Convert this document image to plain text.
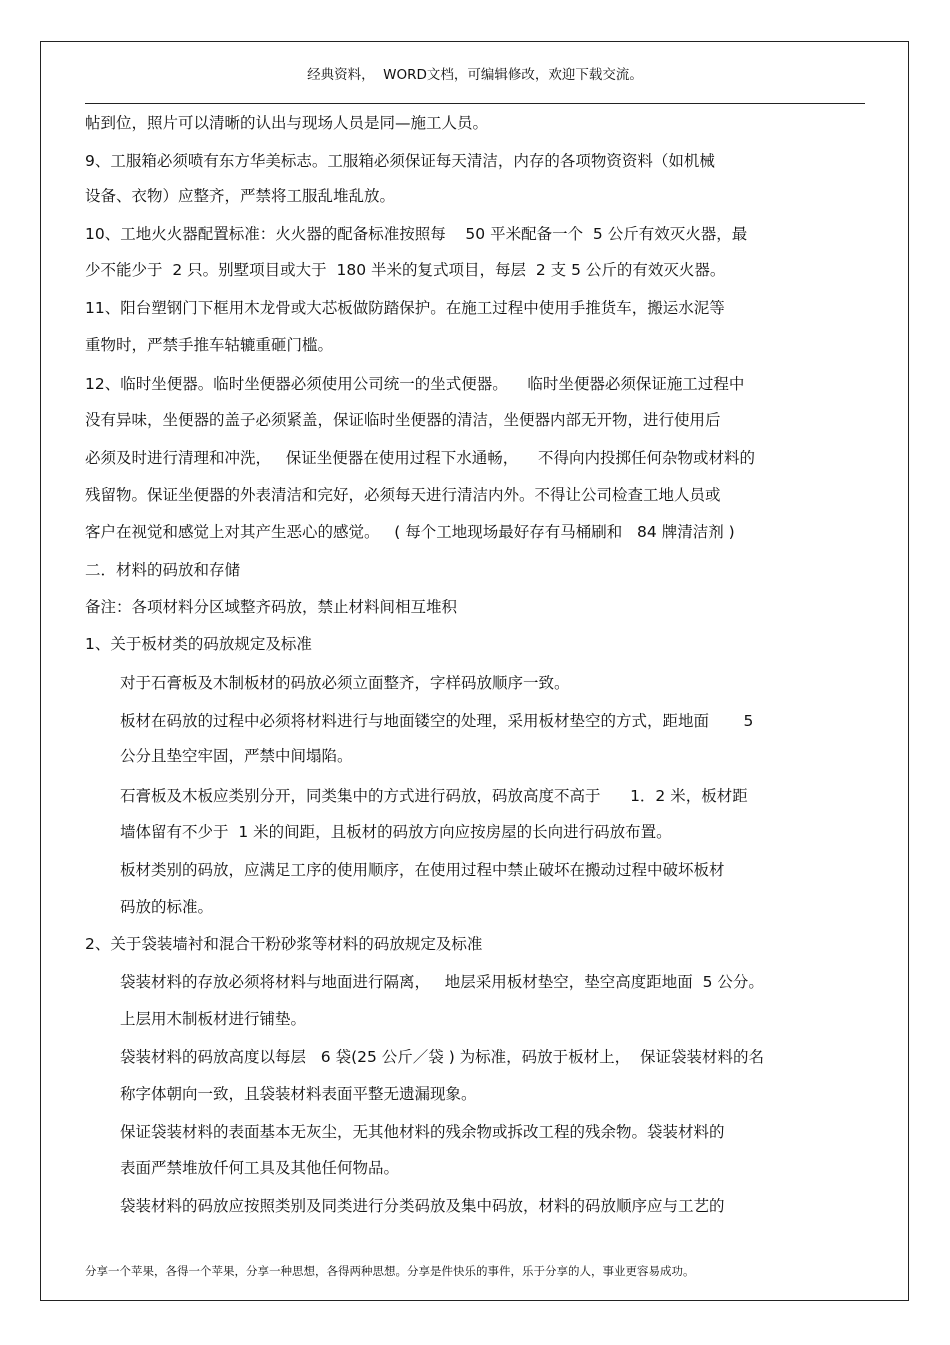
经典资料，  WORD文档，可编辑修改，欢迎下载交流。
帖到位，照片可以清晰的认出与现场人员是同—施工人员。
9、工服箱必须喷有东方华美标志。工服箱必须保证每天清洁，内存的各项物资资料（如机械
设备、衣物）应整齐，严禁将工服乱堆乱放。
10、工地火火器配置标准：火火器的配备标准按照每    50 平米配备一个  5 公斤有效灭火器，最
少不能少于  2 只。别墅项目或大于  180 半米的复式项目，每层  2 支 5 公斤的有效灭火器。
11、阳台塑钢门下框用木龙骨或大芯板做防踏保护。在施工过程中使用手推货车，搬运水泥等
重物时，严禁手推车轱辘重砸门槛。
12、临时坐便器。临时坐便器必须使用公司统一的坐式便器。    临时坐便器必须保证施工过程中
没有异味，坐便器的盖子必须紧盖，保证临时坐便器的清洁，坐便器内部无开物，进行使用后
必须及时进行清理和冲洗，   保证坐便器在使用过程下水通畅，    不得向内投掷任何杂物或材料的
残留物。保证坐便器的外表清洁和完好，必须每天进行清洁内外。不得让公司检查工地人员或
客户在视觉和感觉上对其产生恶心的感觉。   ( 每个工地现场最好存有马桶刷和   84 牌清洁剂 )
二．材料的码放和存储
备注：各项材料分区域整齐码放，禁止材料间相互堆积
1、关于板材类的码放规定及标准
对于石膏板及木制板材的码放必须立面整齐，字样码放顺序一致。
板材在码放的过程中必须将材料进行与地面镂空的处理，采用板材垫空的方式，距地面       5
公分且垫空牢固，严禁中间塌陷。
石膏板及木板应类别分开，同类集中的方式进行码放，码放高度不高于      1．2 米，板材距
墙体留有不少于  1 米的间距，且板材的码放方向应按房屋的长向进行码放布置。
板材类别的码放，应满足工序的使用顺序，在使用过程中禁止破坏在搬动过程中破坏板材
码放的标准。
2、关于袋装墙衬和混合干粉砂浆等材料的码放规定及标准
袋装材料的存放必须将材料与地面进行隔离，   地层采用板材垫空，垫空高度距地面  5 公分。
上层用木制板材进行铺垫。
袋装材料的码放高度以每层   6 袋(25 公斤／袋 ) 为标准，码放于板材上，  保证袋装材料的名
称字体朝向一致，且袋装材料表面平整无遗漏现象。
保证袋装材料的表面基本无灰尘，无其他材料的残余物或拆改工程的残余物。袋装材料的
表面严禁堆放仟何工具及其他任何物品。
袋装材料的码放应按照类别及同类进行分类码放及集中码放，材料的码放顺序应与工艺的
分享一个苹果，各得一个苹果，分享一种思想，各得两种思想。分享是件快乐的事件，乐于分享的人，事业更容易成功。
